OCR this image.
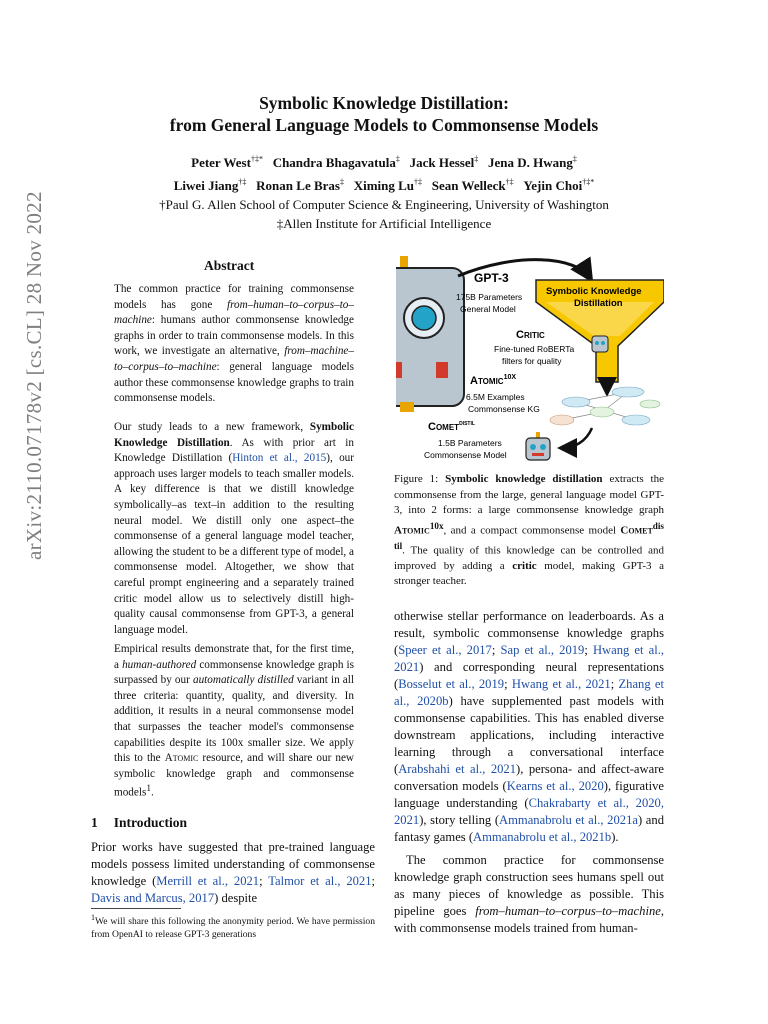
arXiv:2110.07178v2 [cs.CL] 28 Nov 2022
Symbolic Knowledge Distillation:
from General Language Models to Commonsense Models
Peter West†‡* Chandra Bhagavatula‡ Jack Hessel‡ Jena D. Hwang‡
Liwei Jiang†‡ Ronan Le Bras‡ Ximing Lu†‡ Sean Welleck†‡ Yejin Choi†‡*
†Paul G. Allen School of Computer Science & Engineering, University of Washington
‡Allen Institute for Artificial Intelligence
Abstract

The common practice for training commonsense models has gone from–human–to–corpus–to–machine: humans author commonsense knowledge graphs in order to train commonsense models. In this work, we investigate an alternative, from–machine–to–corpus–to–machine: general language models author these commonsense knowledge graphs to train commonsense models.

Our study leads to a new framework, Symbolic Knowledge Distillation. As with prior art in Knowledge Distillation (Hinton et al., 2015), our approach uses larger models to teach smaller models. A key difference is that we distill knowledge symbolically–as text–in addition to the resulting neural model. We distill only one aspect–the commonsense of a general language model teacher, allowing the student to be a different type of model, a commonsense model. Altogether, we show that careful prompt engineering and a separately trained critic model allow us to selectively distill high-quality causal commonsense from GPT-3, a general language model.

Empirical results demonstrate that, for the first time, a human-authored commonsense knowledge graph is surpassed by our automatically distilled variant in all three criteria: quantity, quality, and diversity. In addition, it results in a neural commonsense model that surpasses the teacher model's commonsense capabilities despite its 100x smaller size. We apply this to the Atomic resource, and will share our new symbolic knowledge graph and commonsense models$^1$.

1 Introduction
Prior works have suggested that pre-trained language models possess limited understanding of commonsense knowledge (Merrill et al., 2021; Talmor et al., 2021; Davis and Marcus, 2017) despite
$^1$We will share this following the anonymity period. We have permission from OpenAI to release GPT-3 generations
GPT-3
175B Parameters
General Model
Symbolic Knowledge
Distillation
Critic
Fine-tuned RoBERTa
filters for quality
Atomic$^{10X}$
6.5M Examples
Commonsense KG
Comet$^{distil}$
1.5B Parameters
Commonsense Model
Figure 1: Symbolic knowledge distillation extracts the commonsense from the large, general language model GPT-3, into 2 forms: a large commonsense knowledge graph Atomic$^{10x}$, and a compact commonsense model Comet$^{dis til}$. The quality of this knowledge can be controlled and improved by adding a critic model, making GPT-3 a stronger teacher.

otherwise stellar performance on leaderboards. As a result, symbolic commonsense knowledge graphs (Speer et al., 2017; Sap et al., 2019; Hwang et al., 2021) and corresponding neural representations (Bosselut et al., 2019; Hwang et al., 2021; Zhang et al., 2020b) have supplemented past models with commonsense capabilities. This has enabled diverse downstream applications, including interactive learning through a conversational interface (Arabshahi et al., 2021), persona- and affect-aware conversation models (Kearns et al., 2020), figurative language understanding (Chakrabarty et al., 2020, 2021), story telling (Ammanabrolu et al., 2021a) and fantasy games (Ammanabrolu et al., 2021b).

The common practice for commonsense knowledge graph construction sees humans spell out as many pieces of knowledge as possible. This pipeline goes from–human–to–corpus–to–machine, with commonsense models trained from human-
